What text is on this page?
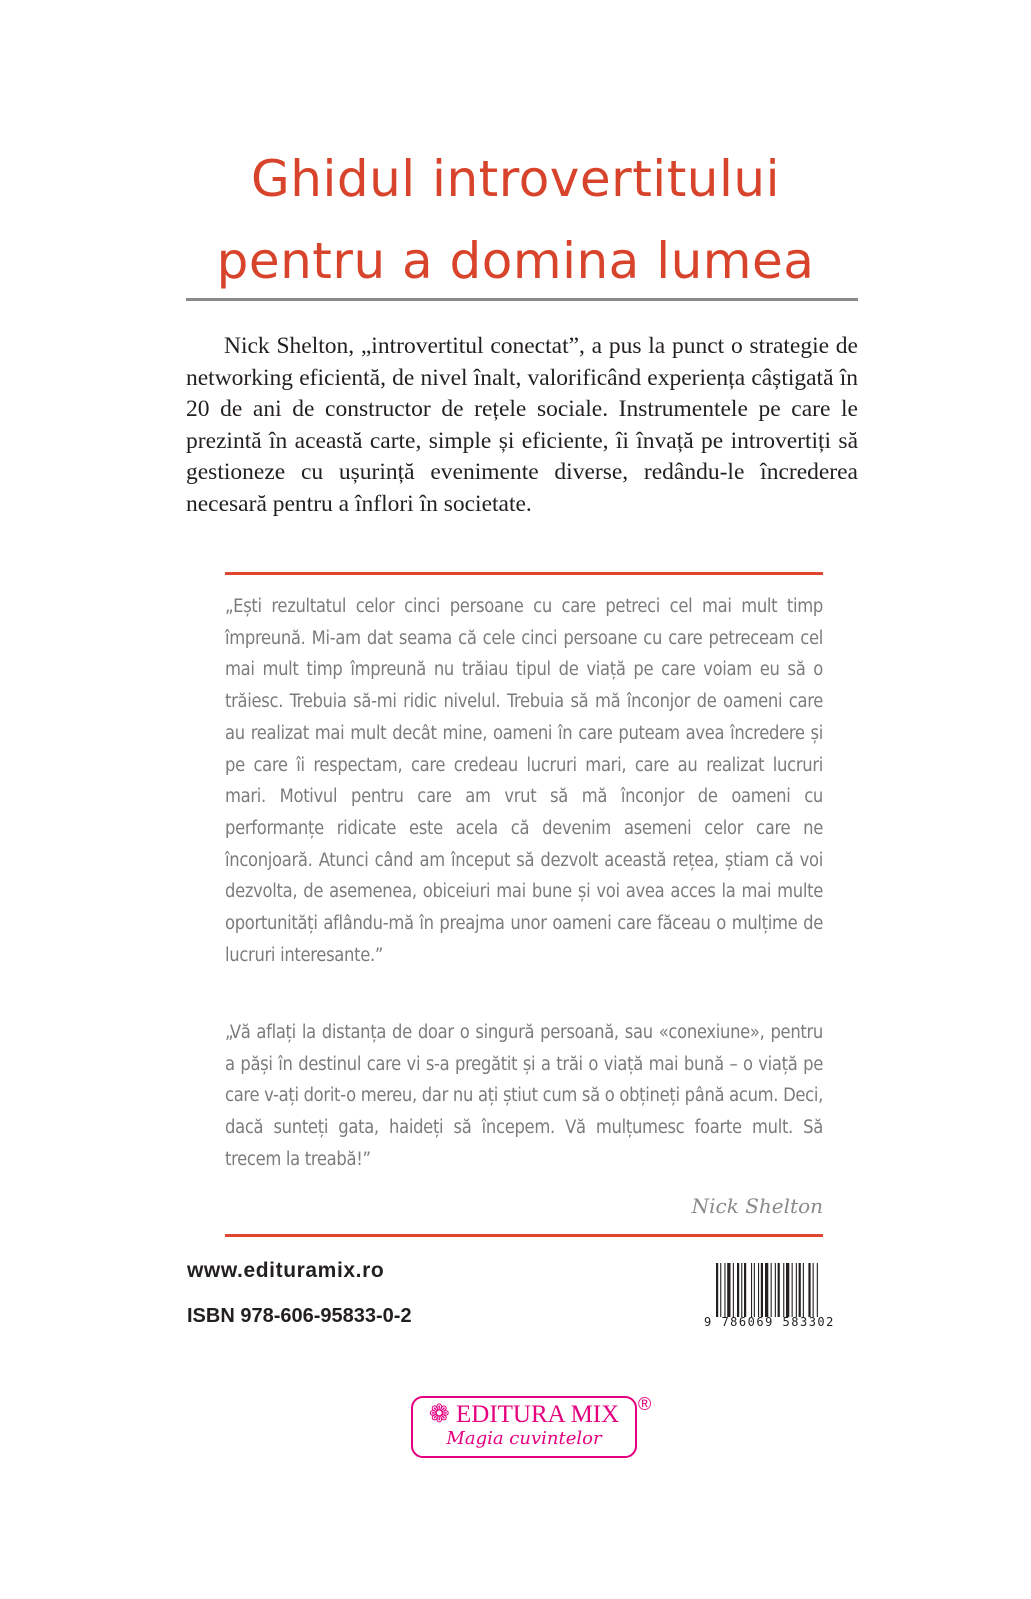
Ghidul introvertitului
pentru a domina lumea

Nick Shelton, „introvertitul conectat”, a pus la punct o strategie de networking eficientă, de nivel înalt, valorificând experiența câștigată în 20 de ani de constructor de rețele sociale. Instrumentele pe care le prezintă în această carte, simple și eficiente, îi învață pe introvertiți să gestioneze cu ușurință evenimente diverse, redându-le încrederea necesară pentru a înflori în societate.

„Ești rezultatul celor cinci persoane cu care petreci cel mai mult timp împreună. Mi-am dat seama că cele cinci persoane cu care petreceam cel mai mult timp împreună nu trăiau tipul de viață pe care voiam eu să o trăiesc. Trebuia să-mi ridic nivelul. Trebuia să mă înconjor de oameni care au realizat mai mult decât mine, oameni în care puteam avea încredere și pe care îi respectam, care credeau lucruri mari, care au realizat lucruri mari. Motivul pentru care am vrut să mă înconjor de oameni cu performanțe ridicate este acela că devenim asemeni celor care ne înconjoară. Atunci când am început să dezvolt această rețea, știam că voi dezvolta, de asemenea, obiceiuri mai bune și voi avea acces la mai multe oportunități aflându-mă în preajma unor oameni care făceau o mulțime de lucruri interesante.”

„Vă aflați la distanța de doar o singură persoană, sau «conexiune», pentru a păși în destinul care vi s-a pregătit și a trăi o viață mai bună – o viață pe care v-ați dorit-o mereu, dar nu ați știut cum să o obțineți până acum. Deci, dacă sunteți gata, haideți să începem. Vă mulțumesc foarte mult. Să trecem la treabă!”

Nick Shelton
www.edituramix.ro
ISBN 978-606-95833-0-2	9 786069 583302
❁ EDITURA MIX
Magia cuvintelor
®
